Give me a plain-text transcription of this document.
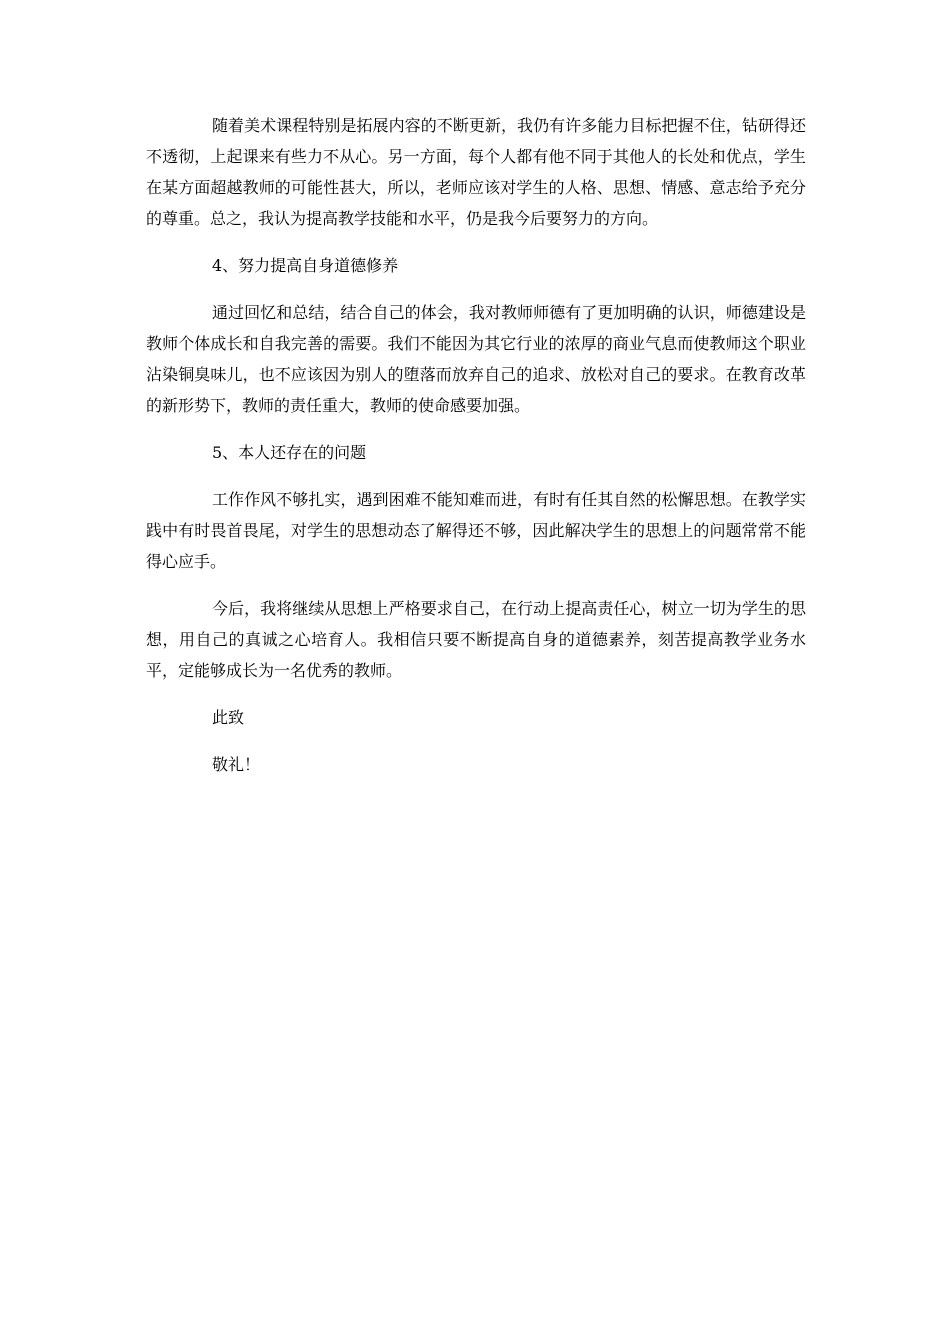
随着美术课程特别是拓展内容的不断更新，我仍有许多能力目标把握不住，钻研得还不透彻，上起课来有些力不从心。另一方面，每个人都有他不同于其他人的长处和优点，学生在某方面超越教师的可能性甚大，所以，老师应该对学生的人格、思想、情感、意志给予充分的尊重。总之，我认为提高教学技能和水平，仍是我今后要努力的方向。

4、努力提高自身道德修养

通过回忆和总结，结合自己的体会，我对教师师德有了更加明确的认识，师德建设是教师个体成长和自我完善的需要。我们不能因为其它行业的浓厚的商业气息而使教师这个职业沾染铜臭味儿，也不应该因为别人的堕落而放弃自己的追求、放松对自己的要求。在教育改革的新形势下，教师的责任重大，教师的使命感要加强。

5、本人还存在的问题

工作作风不够扎实，遇到困难不能知难而进，有时有任其自然的松懈思想。在教学实践中有时畏首畏尾，对学生的思想动态了解得还不够，因此解决学生的思想上的问题常常不能得心应手。

今后，我将继续从思想上严格要求自己，在行动上提高责任心，树立一切为学生的思想，用自己的真诚之心培育人。我相信只要不断提高自身的道德素养，刻苦提高教学业务水平，定能够成长为一名优秀的教师。

此致

敬礼！
